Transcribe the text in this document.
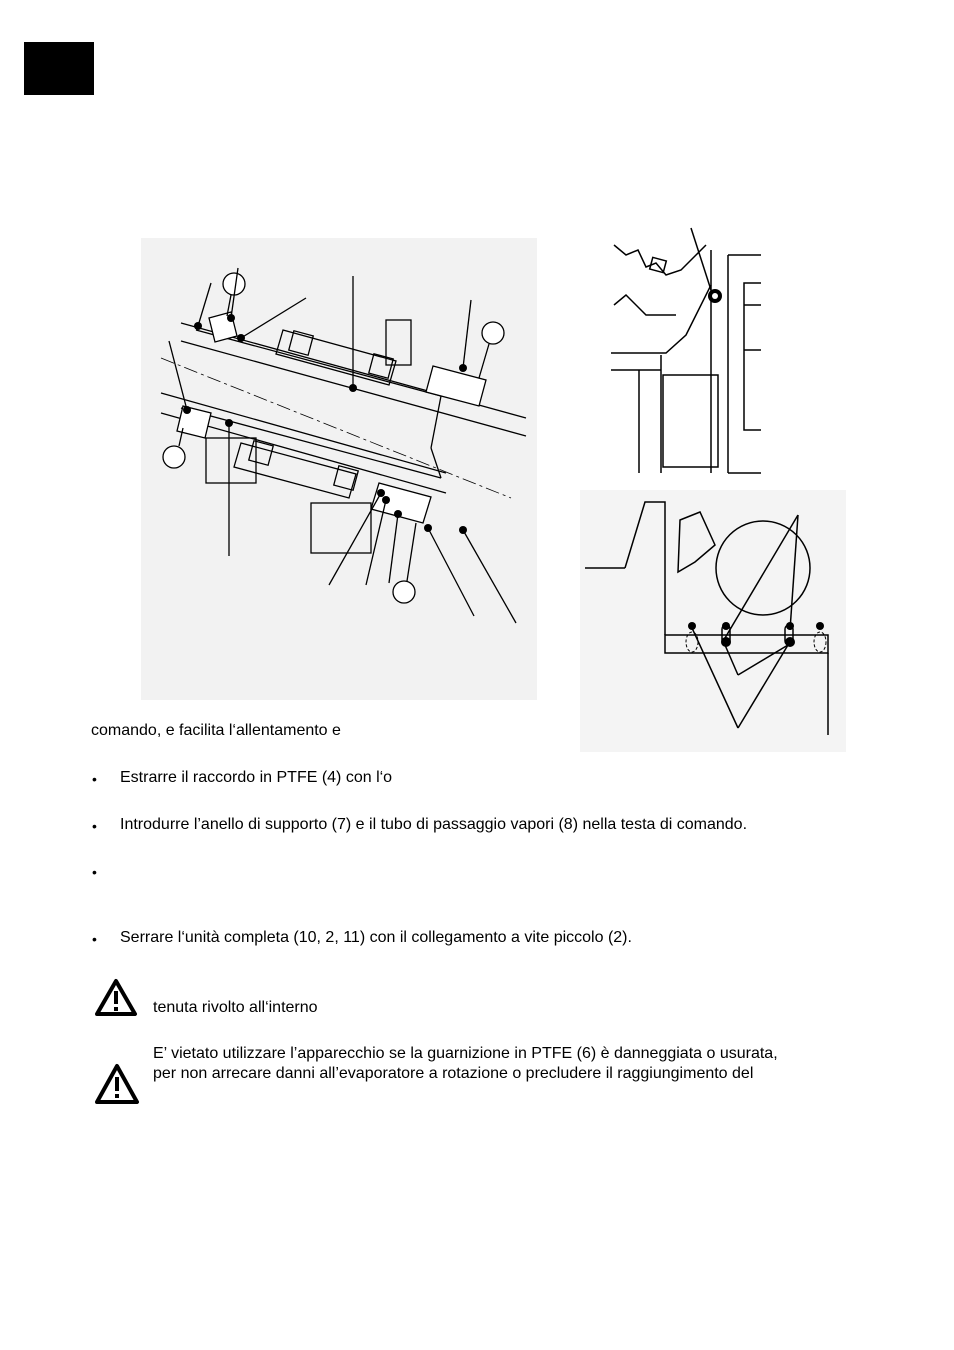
comando, e facilita l‘allentamento e
• Estrarre il raccordo in PTFE (4) con l‘o
• Introdurre l’anello di supporto (7) e il tubo di passaggio vapori (8) nella testa di comando.
•
• Serrare l‘unità completa (10, 2, 11) con il collegamento a vite piccolo (2).
tenuta rivolto all‘interno
E’ vietato utilizzare l’apparecchio se la guarnizione in PTFE (6) è danneggiata o usurata,
per non arrecare danni all’evaporatore a rotazione o precludere il raggiungimento del
